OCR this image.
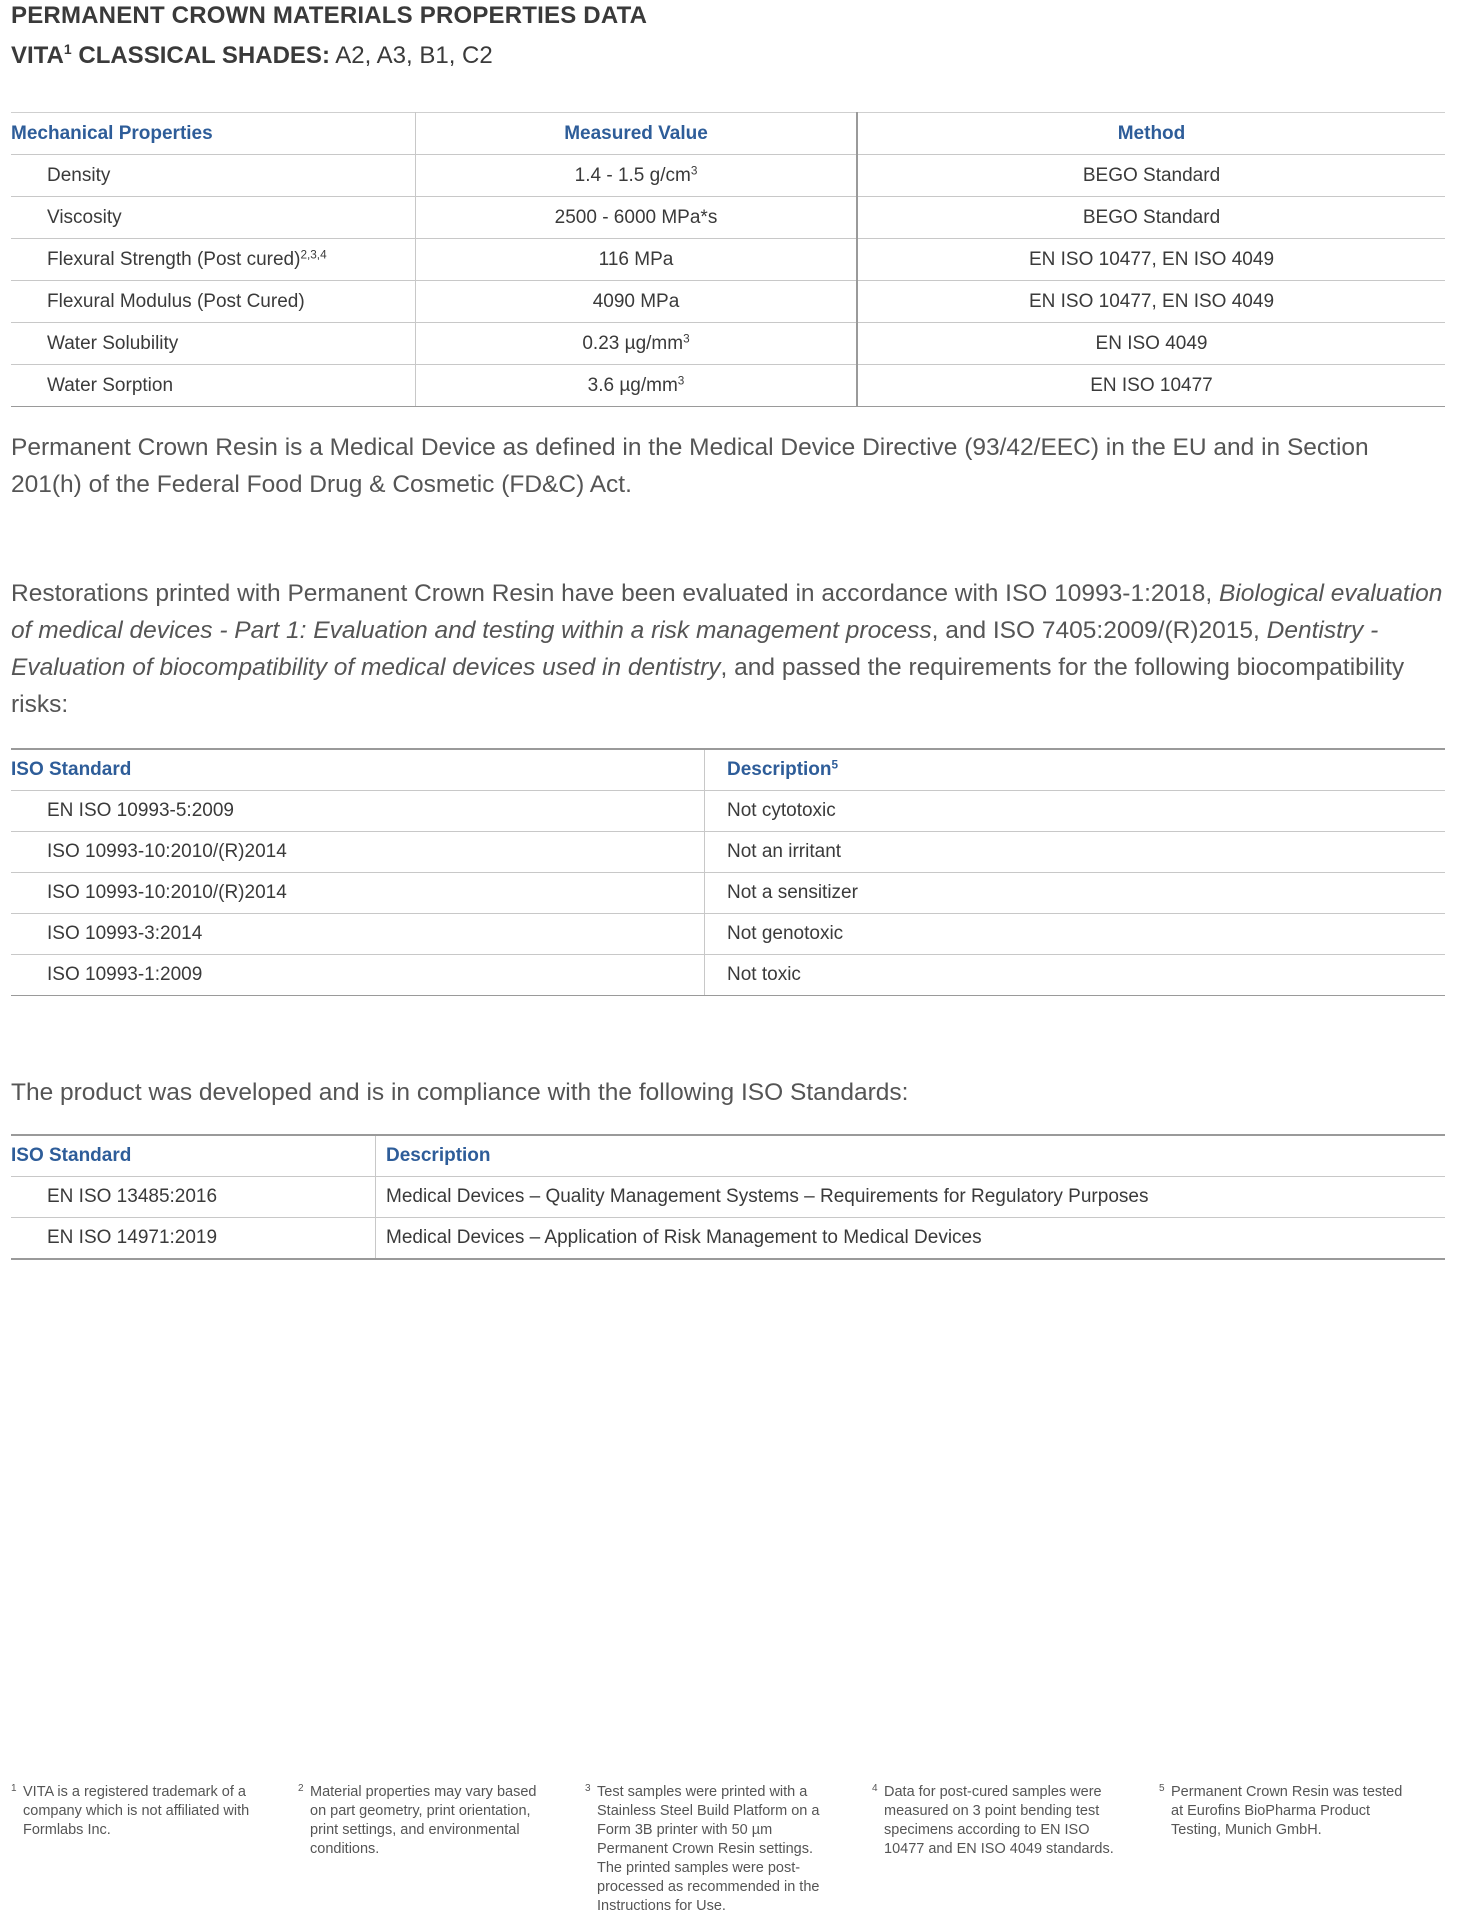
PERMANENT CROWN MATERIALS PROPERTIES DATA
VITA$^1$ CLASSICAL SHADES: A2, A3, B1, C2
Mechanical Properties	Measured Value	Method
Density	1.4 - 1.5 $g/cm^3$	BEGO Standard
Viscosity	2500 - 6000 MPa*s	BEGO Standard
Flexural Strength (Post cured)$^{2,3,4}$	116 MPa	EN ISO 10477, EN ISO 4049
Flexural Modulus (Post Cured)	4090 MPa	EN ISO 10477, EN ISO 4049
Water Solubility	0.23 $\mu g/mm^3$	EN ISO 4049
Water Sorption	3.6 $\mu g/mm^3$	EN ISO 10477
Permanent Crown Resin is a Medical Device as defined in the Medical Device Directive (93/42/EEC) in the EU and in Section 201(h) of the Federal Food Drug & Cosmetic (FD&C) Act.
Restorations printed with Permanent Crown Resin have been evaluated in accordance with ISO 10993-1:2018, Biological evaluation of medical devices - Part 1: Evaluation and testing within a risk management process, and ISO 7405:2009/(R)2015, Dentistry - Evaluation of biocompatibility of medical devices used in dentistry, and passed the requirements for the following biocompatibility risks:
ISO Standard	Description$^5$
EN ISO 10993-5:2009	Not cytotoxic
ISO 10993-10:2010/(R)2014	Not an irritant
ISO 10993-10:2010/(R)2014	Not a sensitizer
ISO 10993-3:2014	Not genotoxic
ISO 10993-1:2009	Not toxic
The product was developed and is in compliance with the following ISO Standards:
ISO Standard	Description
EN ISO 13485:2016	Medical Devices – Quality Management Systems – Requirements for Regulatory Purposes
EN ISO 14971:2019	Medical Devices – Application of Risk Management to Medical Devices
1 VITA is a registered trademark of a company which is not affiliated with Formlabs Inc.
2 Material properties may vary based on part geometry, print orientation, print settings, and environmental conditions.
3 Test samples were printed with a Stainless Steel Build Platform on a Form 3B printer with 50 µm Permanent Crown Resin settings. The printed samples were post-processed as recommended in the Instructions for Use.
4 Data for post-cured samples were measured on 3 point bending test specimens according to EN ISO 10477 and EN ISO 4049 standards.
5 Permanent Crown Resin was tested at Eurofins BioPharma Product Testing, Munich GmbH.
